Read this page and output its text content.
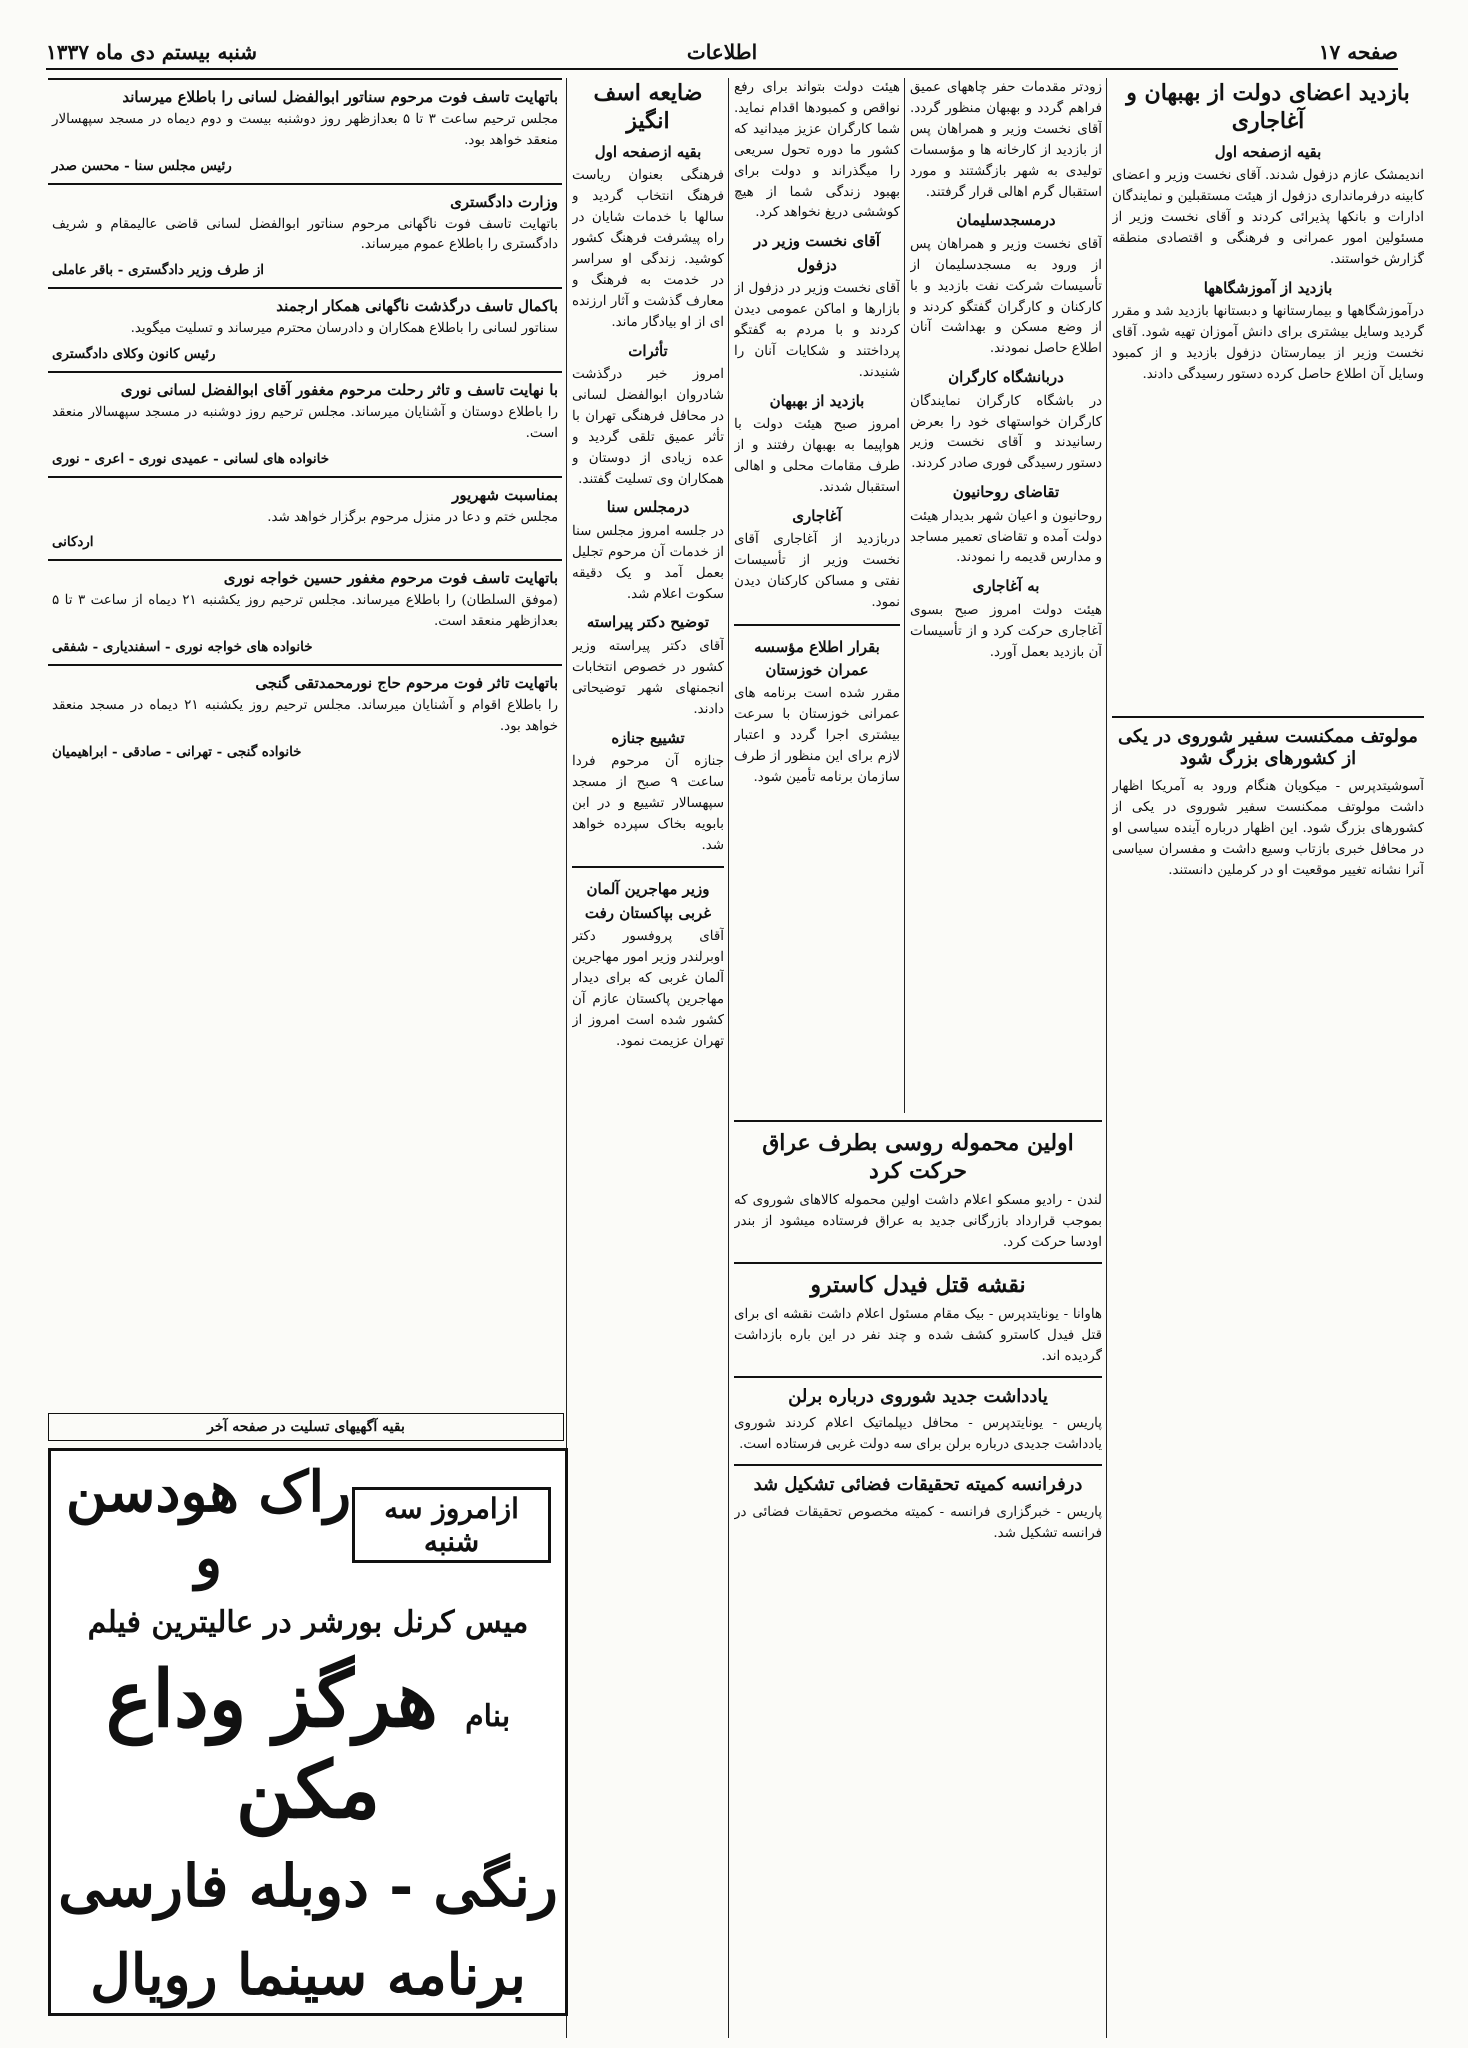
صفحه ۱۷
اطلاعات
شنبه بیستم دی ماه ۱۳۳۷
بازدید اعضای دولت از بهبهان و آغاجاری
بقیه ازصفحه اول

اندیمشک عازم دزفول شدند. آقای نخست وزیر و اعضای کابینه درفرمانداری دزفول از هیئت مستقبلین و نمایندگان ادارات و بانکها پذیرائی کردند و آقای نخست وزیر از مسئولین امور عمرانی و فرهنگی و اقتصادی منطقه گزارش خواستند.

بازدید از آموزشگاهها

درآموزشگاهها و بیمارستانها و دبستانها بازدید شد و مقرر گردید وسایل بیشتری برای دانش آموزان تهیه شود. آقای نخست وزیر از بیمارستان دزفول بازدید و از کمبود وسایل آن اطلاع حاصل کرده دستور رسیدگی دادند.

مولوتف ممکنست سفیر شوروی در یکی از کشورهای بزرگ شود

آسوشیتدپرس - میکویان هنگام ورود به آمریکا اظهار داشت مولوتف ممکنست سفیر شوروی در یکی از کشورهای بزرگ شود. این اظهار درباره آینده سیاسی او در محافل خبری بازتاب وسیع داشت و مفسران سیاسی آنرا نشانه تغییر موقعیت او در کرملین دانستند.

زودتر مقدمات حفر چاههای عمیق فراهم گردد و بهبهان منظور گردد. آقای نخست وزیر و همراهان پس از بازدید از کارخانه ها و مؤسسات تولیدی به شهر بازگشتند و مورد استقبال گرم اهالی قرار گرفتند.

درمسجدسلیمان

آقای نخست وزیر و همراهان پس از ورود به مسجدسلیمان از تأسیسات شرکت نفت بازدید و با کارکنان و کارگران گفتگو کردند و از وضع مسکن و بهداشت آنان اطلاع حاصل نمودند.

دربانشگاه کارگران

در باشگاه کارگران نمایندگان کارگران خواستهای خود را بعرض رسانیدند و آقای نخست وزیر دستور رسیدگی فوری صادر کردند.

تقاضای روحانیون

روحانیون و اعیان شهر بدیدار هیئت دولت آمده و تقاضای تعمیر مساجد و مدارس قدیمه را نمودند.

به آغاجاری

هیئت دولت امروز صبح بسوی آغاجاری حرکت کرد و از تأسیسات آن بازدید بعمل آورد.

اولین محموله روسی بطرف عراق حرکت کرد

لندن - رادیو مسکو اعلام داشت اولین محموله کالاهای شوروی که بموجب قرارداد بازرگانی جدید به عراق فرستاده میشود از بندر اودسا حرکت کرد.

نقشه قتل فیدل کاسترو

هاوانا - یونایتدپرس - بیک مقام مسئول اعلام داشت نقشه ای برای قتل فیدل کاسترو کشف شده و چند نفر در این باره بازداشت گردیده اند.

یادداشت جدید شوروی درباره برلن

پاریس - یونایتدپرس - محافل دیپلماتیک اعلام کردند شوروی یادداشت جدیدی درباره برلن برای سه دولت غربی فرستاده است.

درفرانسه کمیته تحقیقات فضائی تشکیل شد

پاریس - خبرگزاری فرانسه - کمیته مخصوص تحقیقات فضائی در فرانسه تشکیل شد.

هیئت دولت بتواند برای رفع نواقص و کمبودها اقدام نماید. شما کارگران عزیز میدانید که کشور ما دوره تحول سریعی را میگذراند و دولت برای بهبود زندگی شما از هیچ کوششی دریغ نخواهد کرد.

آقای نخست وزیر در دزفول

آقای نخست وزیر در دزفول از بازارها و اماکن عمومی دیدن کردند و با مردم به گفتگو پرداختند و شکایات آنان را شنیدند.

بازدید از بهبهان

امروز صبح هیئت دولت با هواپیما به بهبهان رفتند و از طرف مقامات محلی و اهالی استقبال شدند.

آغاجاری

دربازدید از آغاجاری آقای نخست وزیر از تأسیسات نفتی و مساکن کارکنان دیدن نمود.

بقرار اطلاع مؤسسه عمران خوزستان

مقرر شده است برنامه های عمرانی خوزستان با سرعت بیشتری اجرا گردد و اعتبار لازم برای این منظور از طرف سازمان برنامه تأمین شود.

ضایعه اسف انگیز
بقیه ازصفحه اول

فرهنگی بعنوان ریاست فرهنگ انتخاب گردید و سالها با خدمات شایان در راه پیشرفت فرهنگ کشور کوشید. زندگی او سراسر در خدمت به فرهنگ و معارف گذشت و آثار ارزنده ای از او بیادگار ماند.

تأثرات

امروز خبر درگذشت شادروان ابوالفضل لسانی در محافل فرهنگی تهران با تأثر عمیق تلقی گردید و عده زیادی از دوستان و همکاران وی تسلیت گفتند.

درمجلس سنا

در جلسه امروز مجلس سنا از خدمات آن مرحوم تجلیل بعمل آمد و یک دقیقه سکوت اعلام شد.

توضیح دکتر پیراسته

آقای دکتر پیراسته وزیر کشور در خصوص انتخابات انجمنهای شهر توضیحاتی دادند.

تشییع جنازه

جنازه آن مرحوم فردا ساعت ۹ صبح از مسجد سپهسالار تشییع و در ابن بابویه بخاک سپرده خواهد شد.

وزیر مهاجرین آلمان غربی بپاکستان رفت

آقای پروفسور دکتر اوبرلندر وزیر امور مهاجرین آلمان غربی که برای دیدار مهاجرین پاکستان عازم آن کشور شده است امروز از تهران عزیمت نمود.

باتهایت تاسف فوت مرحوم سناتور ابوالفضل لسانی را باطلاع میرساند

مجلس ترحیم ساعت ۳ تا ۵ بعدازظهر روز دوشنبه بیست و دوم دیماه در مسجد سپهسالار منعقد خواهد بود.

رئیس مجلس سنا - محسن صدر
وزارت دادگستری

باتهایت تاسف فوت ناگهانی مرحوم سناتور ابوالفضل لسانی قاضی عالیمقام و شریف دادگستری را باطلاع عموم میرساند.

از طرف وزیر دادگستری - باقر عاملی
باکمال تاسف درگذشت ناگهانی همکار ارجمند

سناتور لسانی را باطلاع همکاران و دادرسان محترم میرساند و تسلیت میگوید.

رئیس کانون وکلای دادگستری
با نهایت تاسف و تاثر رحلت مرحوم مغفور آقای ابوالفضل لسانی نوری

را باطلاع دوستان و آشنایان میرساند. مجلس ترحیم روز دوشنبه در مسجد سپهسالار منعقد است.

خانواده های لسانی - عمیدی نوری - اعری - نوری
بمناسبت شهریور

مجلس ختم و دعا در منزل مرحوم برگزار خواهد شد.

اردکانی
باتهایت تاسف فوت مرحوم مغفور حسین خواجه نوری

(موفق السلطان) را باطلاع میرساند. مجلس ترحیم روز یکشنبه ۲۱ دیماه از ساعت ۳ تا ۵ بعدازظهر منعقد است.

خانواده های خواجه نوری - اسفندیاری - شفقی
باتهایت تاثر فوت مرحوم حاج نورمحمدتقی گنجی

را باطلاع اقوام و آشنایان میرساند. مجلس ترحیم روز یکشنبه ۲۱ دیماه در مسجد منعقد خواهد بود.

خانواده گنجی - تهرانی - صادقی - ابراهیمیان
بقیه آگهیهای تسلیت در صفحه آخر
ازامروز سه شنبه
راک هودسن و
میس کرنل بورشر در عالیترین فیلم
بنام هرگز وداع مکن
رنگی - دوبله فارسی
برنامه سینما رویال
